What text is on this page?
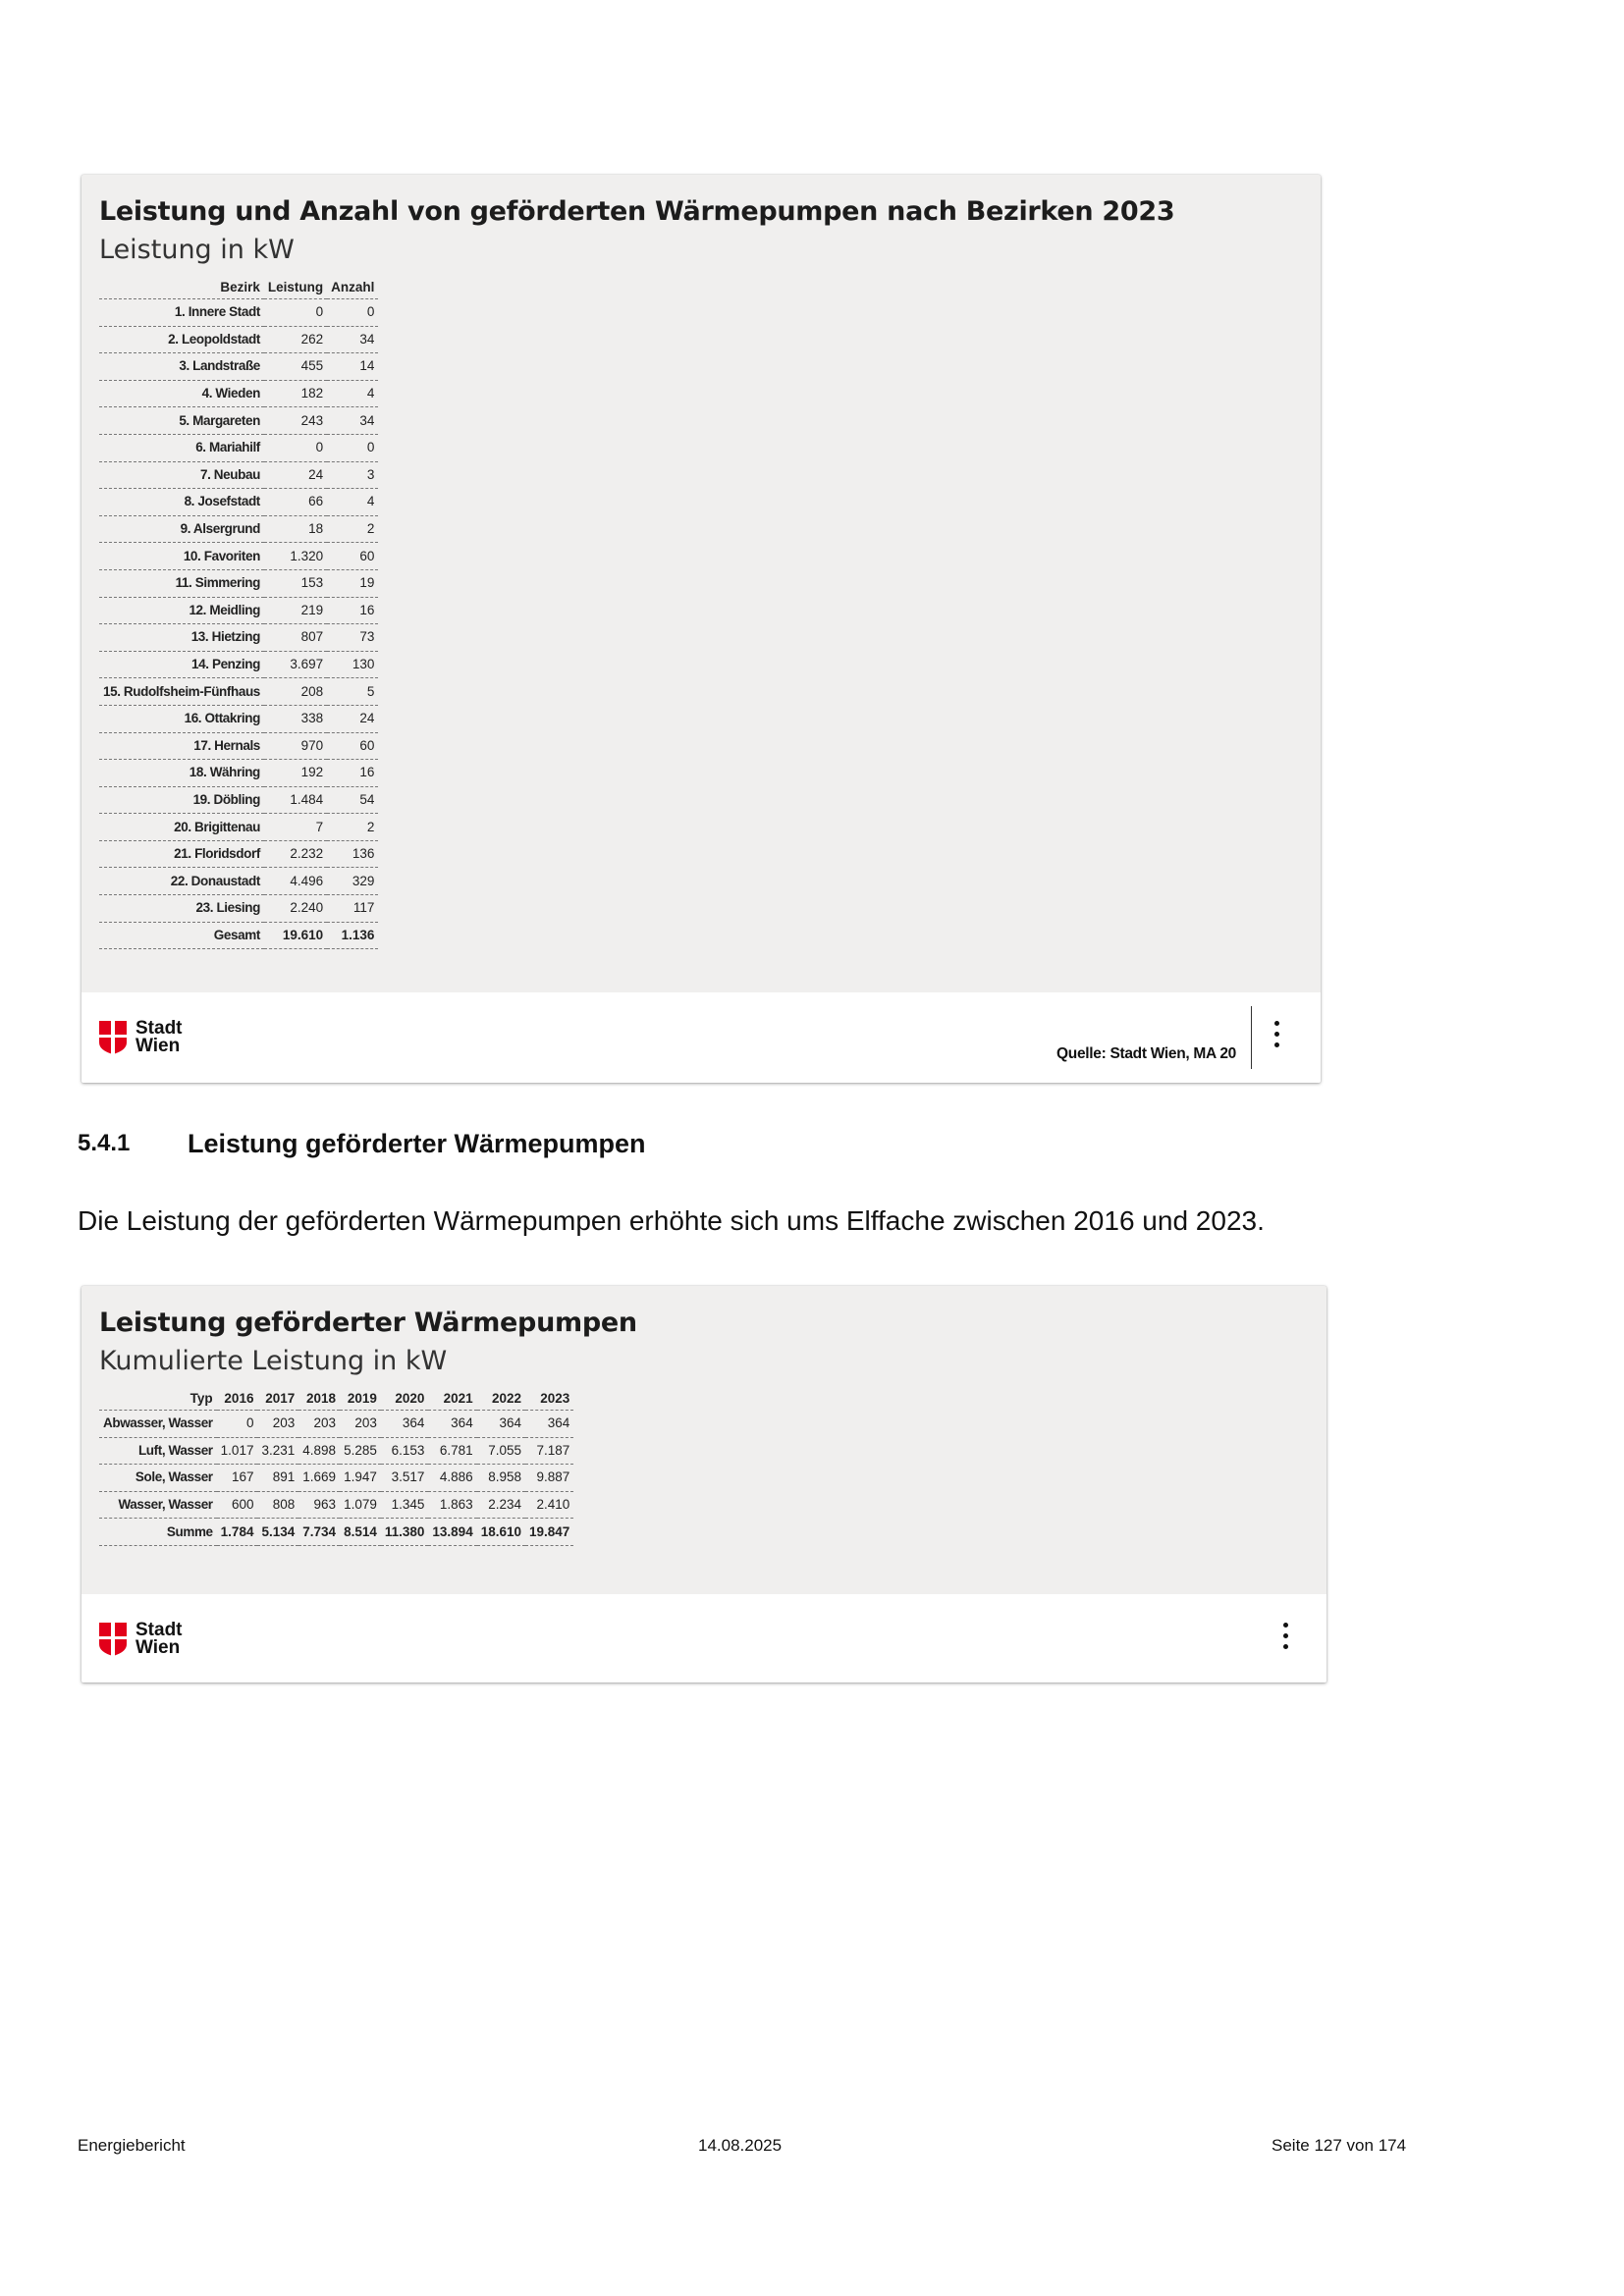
Leistung und Anzahl von geförderten Wärmepumpen nach Bezirken 2023
Leistung in kW
Bezirk	Leistung	Anzahl
1. Innere Stadt	0	0
2. Leopoldstadt	262	34
3. Landstraße	455	14
4. Wieden	182	4
5. Margareten	243	34
6. Mariahilf	0	0
7. Neubau	24	3
8. Josefstadt	66	4
9. Alsergrund	18	2
10. Favoriten	1.320	60
11. Simmering	153	19
12. Meidling	219	16
13. Hietzing	807	73
14. Penzing	3.697	130
15. Rudolfsheim-Fünfhaus	208	5
16. Ottakring	338	24
17. Hernals	970	60
18. Währing	192	16
19. Döbling	1.484	54
20. Brigittenau	7	2
21. Floridsdorf	2.232	136
22. Donaustadt	4.496	329
23. Liesing	2.240	117
Gesamt	19.610	1.136
Stadt
Wien	Quelle: Stadt Wien, MA 20
5.4.1	Leistung geförderter Wärmepumpen

Die Leistung der geförderten Wärmepumpen erhöhte sich ums Elffache zwischen 2016 und 2023.

Leistung geförderter Wärmepumpen
Kumulierte Leistung in kW
Typ	2016	2017	2018	2019	2020	2021	2022	2023
Abwasser, Wasser	0	203	203	203	364	364	364	364
Luft, Wasser	1.017	3.231	4.898	5.285	6.153	6.781	7.055	7.187
Sole, Wasser	167	891	1.669	1.947	3.517	4.886	8.958	9.887
Wasser, Wasser	600	808	963	1.079	1.345	1.863	2.234	2.410
Summe	1.784	5.134	7.734	8.514	11.380	13.894	18.610	19.847
Stadt
Wien
Energiebericht	14.08.2025	Seite 127 von 174
